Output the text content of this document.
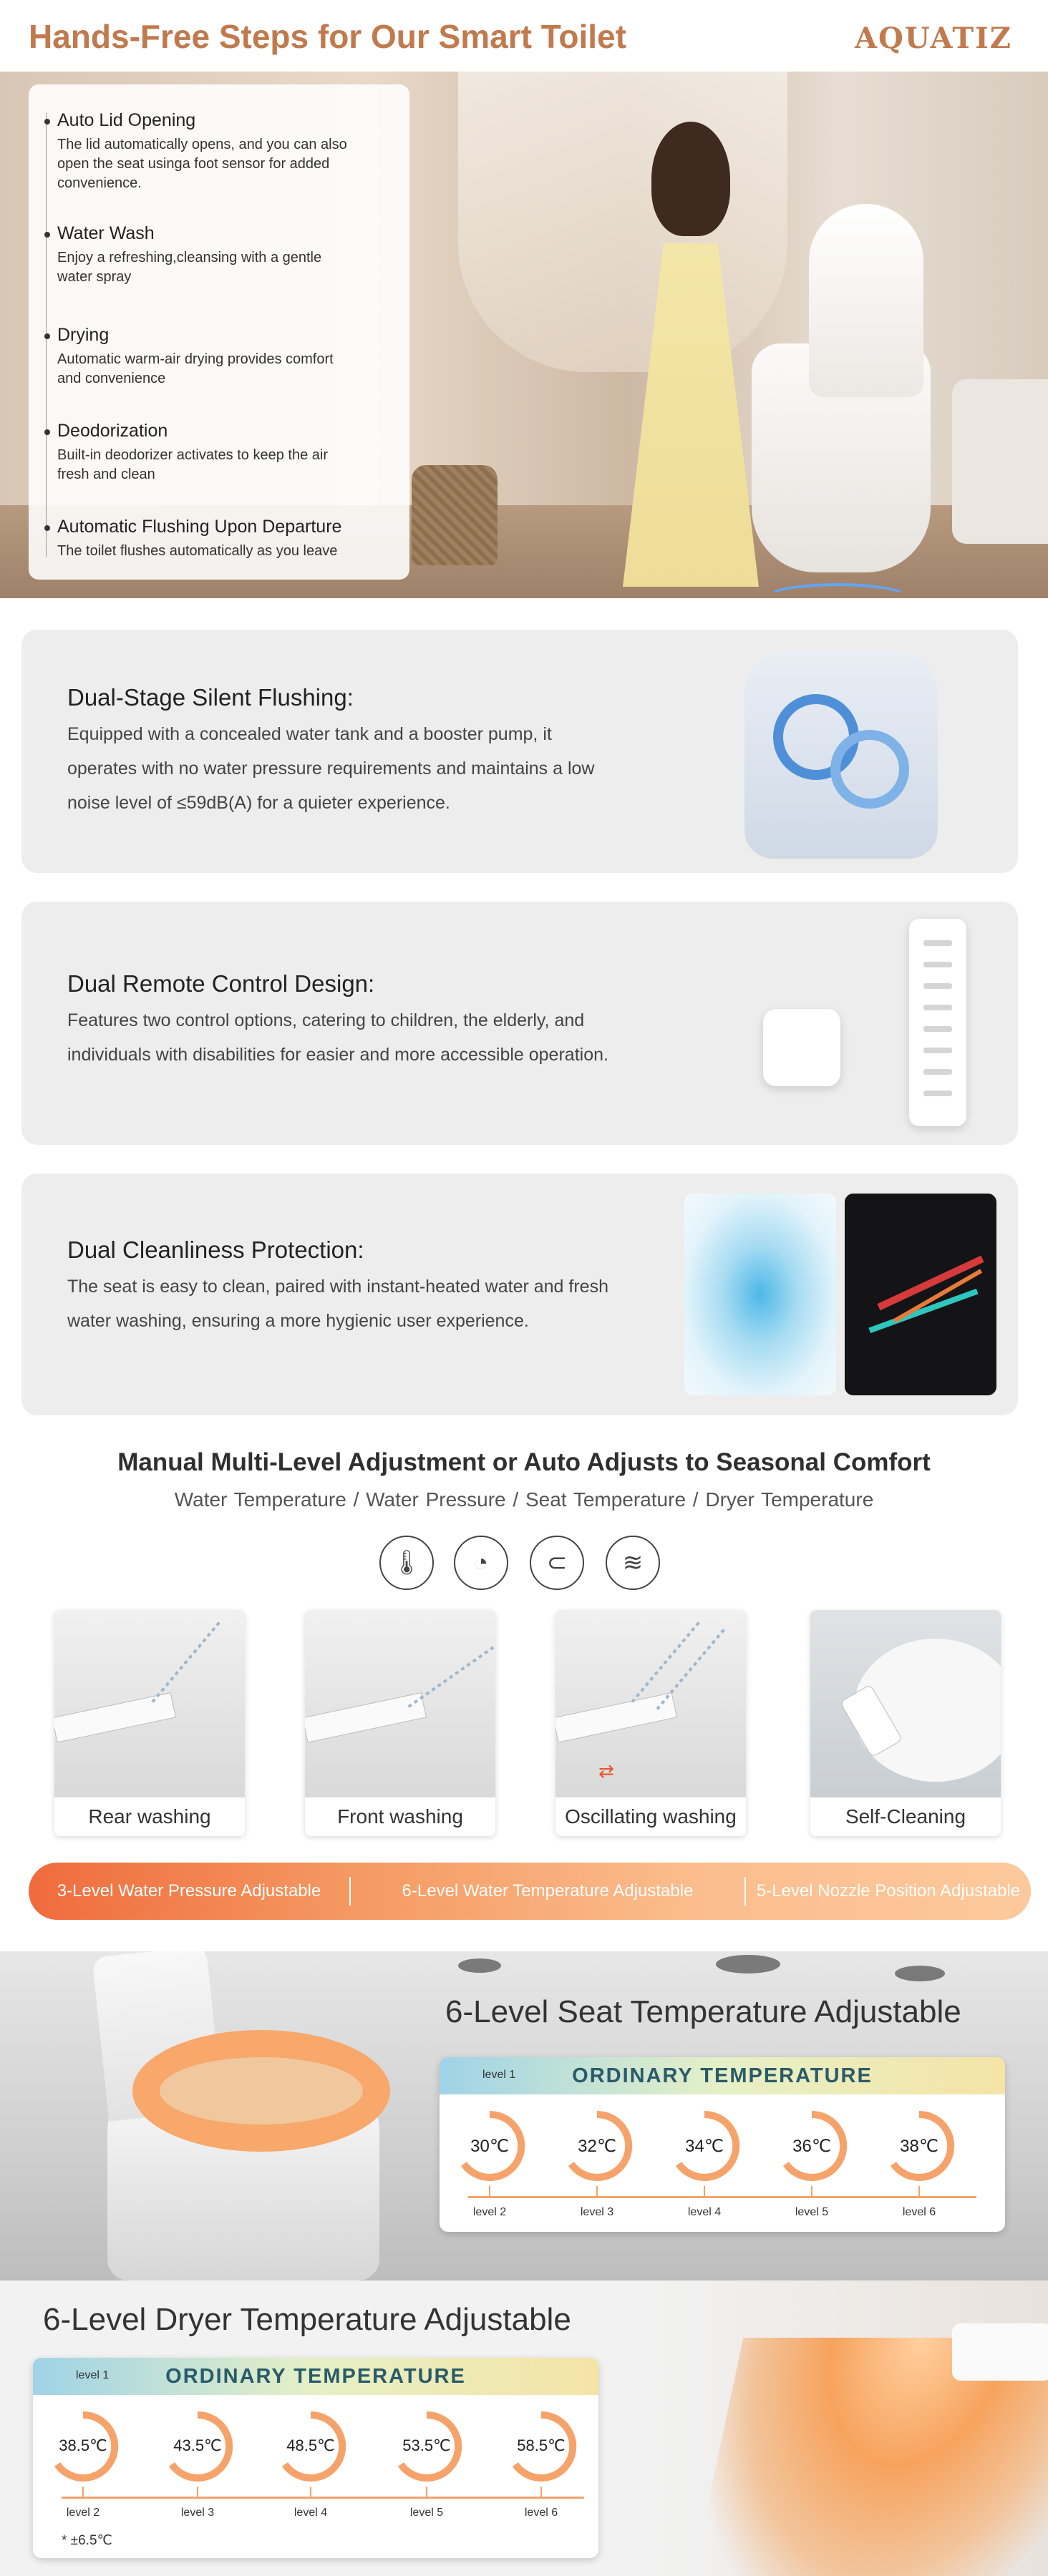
Hands-Free Steps for Our Smart Toilet	AQUATIZ
Auto Lid Opening
The lid automatically opens, and you can also open the seat usinga foot sensor for added convenience.
Water Wash
Enjoy a refreshing,cleansing with a gentle water spray
Drying
Automatic warm-air drying provides comfort and convenience
Deodorization
Built-in deodorizer activates to keep the air fresh and clean
Automatic Flushing Upon Departure
The toilet flushes automatically as you leave
Dual-Stage Silent Flushing:
Equipped with a concealed water tank and a booster pump, it operates with no water pressure requirements and maintains a low noise level of ≤59dB(A) for a quieter experience.
Dual Remote Control Design:
Features two control options, catering to children, the elderly, and individuals with disabilities for easier and more accessible operation.
Dual Cleanliness Protection:
The seat is easy to clean, paired with instant-heated water and fresh water washing, ensuring a more hygienic user experience.
Manual Multi-Level Adjustment or Auto Adjusts to Seasonal Comfort
Water Temperature / Water Pressure / Seat Temperature / Dryer Temperature
🌡	◔	⊂	≋
Rear washing	Front washing
⇄
Oscillating washing	Self-Cleaning
3-Level Water Pressure Adjustable	6-Level Water Temperature Adjustable	5-Level Nozzle Position Adjustable
6-Level Seat Temperature Adjustable
level 1	ORDINARY TEMPERATURE
30℃	32℃	34℃	36℃	38℃
level 2	level 3	level 4	level 5	level 6
6-Level Dryer Temperature Adjustable
level 1	ORDINARY TEMPERATURE
38.5℃	43.5℃	48.5℃	53.5℃	58.5℃
level 2	level 3	level 4	level 5	level 6
* ±6.5℃
